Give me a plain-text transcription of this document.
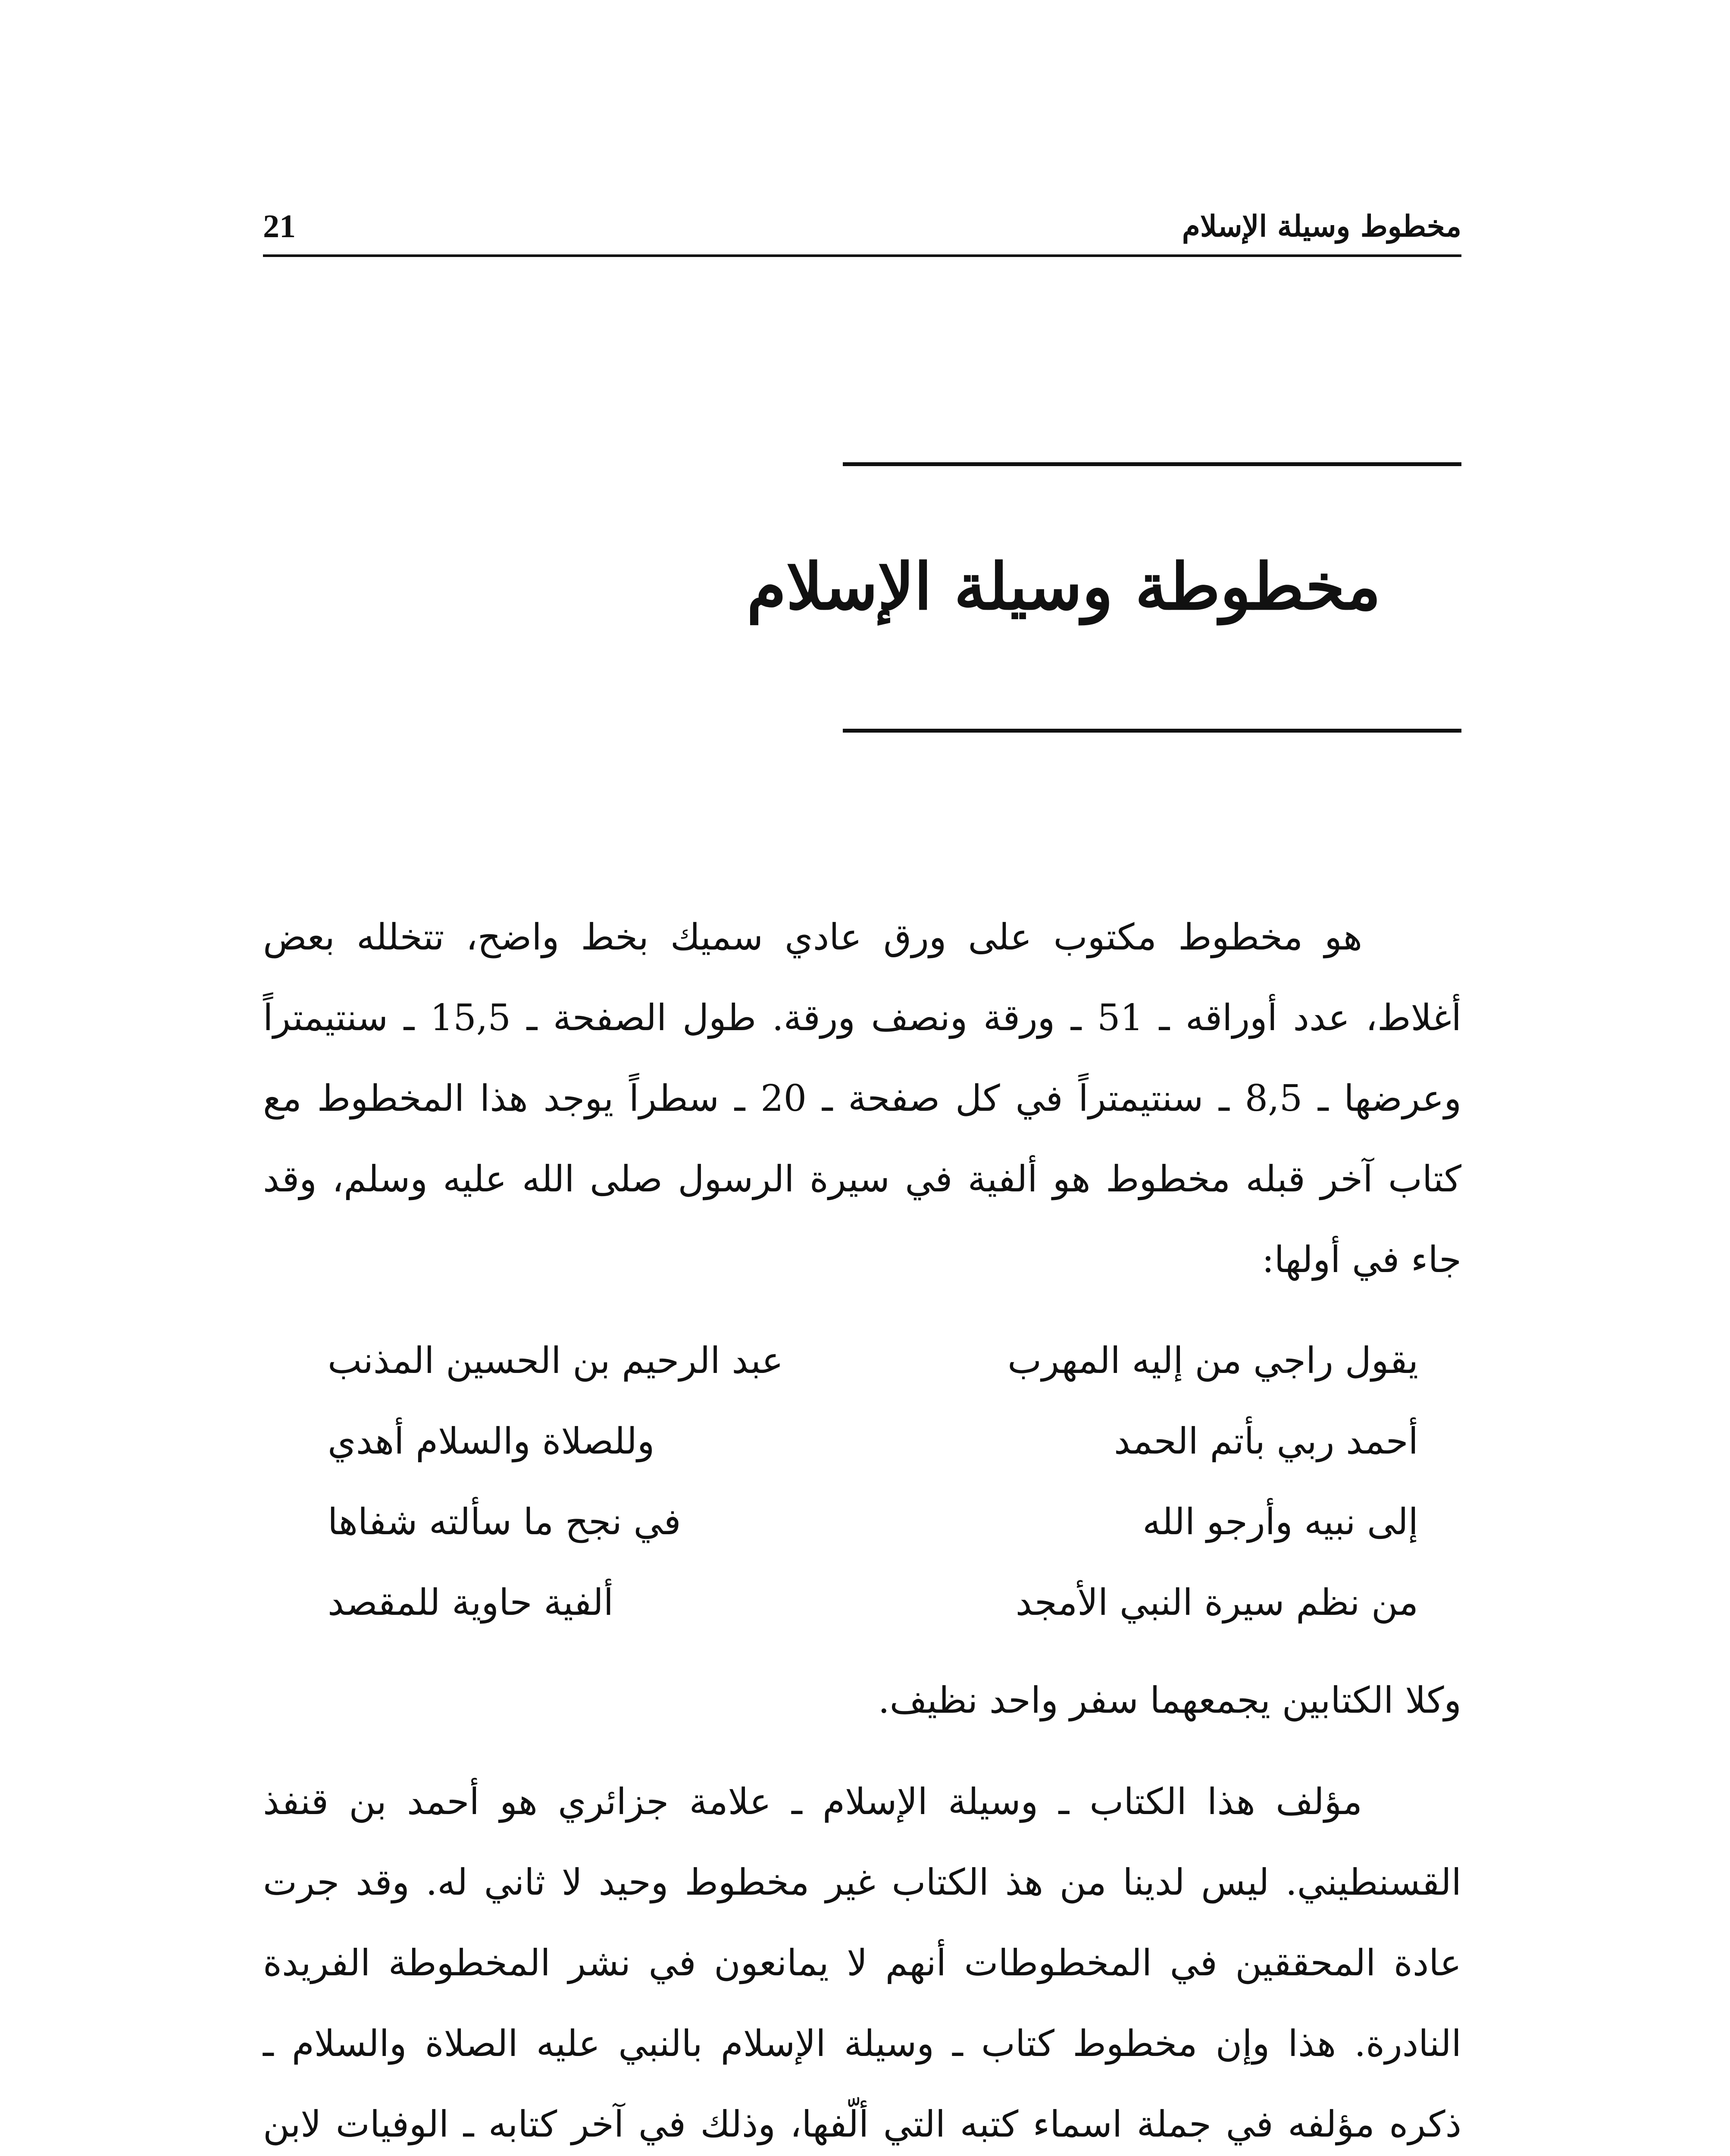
مخطوط وسيلة الإسلام
21
مخطوطة وسيلة الإسلام

هو مخطوط مكتوب على ورق عادي سميك بخط واضح، تتخلله بعض أغلاط، عدد أوراقه ـ 51 ـ ورقة ونصف ورقة. طول الصفحة ـ 15,5 ـ سنتيمتراً وعرضها ـ 8,5 ـ سنتيمتراً في كل صفحة ـ 20 ـ سطراً يوجد هذا المخطوط مع كتاب آخر قبله مخطوط هو ألفية في سيرة الرسول صلى الله عليه وسلم، وقد جاء في أولها:

يقول راجي من إليه المهرب
عبد الرحيم بن الحسين المذنب
أحمد ربي بأتم الحمد
وللصلاة والسلام أهدي
إلى نبيه وأرجو الله
في نجح ما سألته شفاها
من نظم سيرة النبي الأمجد
ألفية حاوية للمقصد

وكلا الكتابين يجمعهما سفر واحد نظيف.

مؤلف هذا الكتاب ـ وسيلة الإسلام ـ علامة جزائري هو أحمد بن قنفذ القسنطيني. ليس لدينا من هذ الكتاب غير مخطوط وحيد لا ثاني له. وقد جرت عادة المحققين في المخطوطات أنهم لا يمانعون في نشر المخطوطة الفريدة النادرة. هذا وإن مخطوط كتاب ـ وسيلة الإسلام بالنبي عليه الصلاة والسلام ـ ذكره مؤلفه في جملة اسماء كتبه التي ألّفها، وذلك في آخر كتابه ـ الوفيات لابن
